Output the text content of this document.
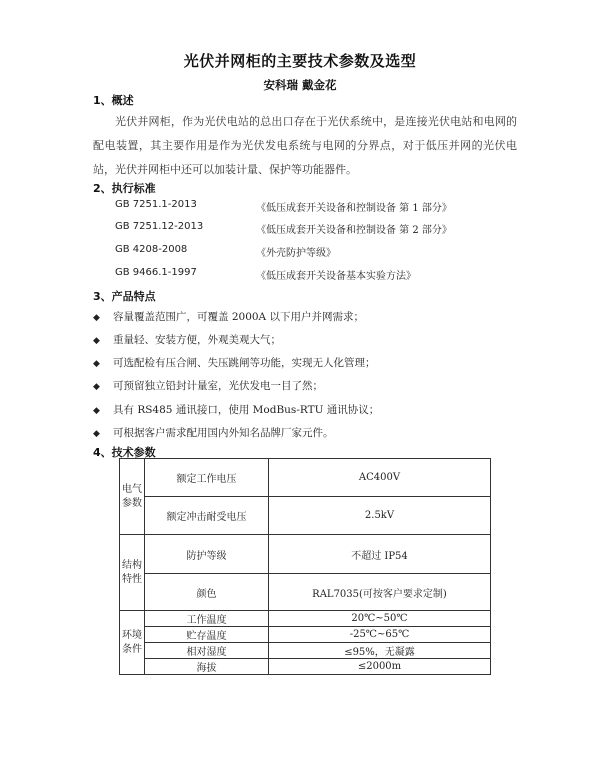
光伏并网柜的主要技术参数及选型
安科瑞 戴金花
1、概述
光伏并网柜，作为光伏电站的总出口存在于光伏系统中，是连接光伏电站和电网的配电装置，其主要作用是作为光伏发电系统与电网的分界点，对于低压并网的光伏电站，光伏并网柜中还可以加装计量、保护等功能器件。
2、执行标准
GB 7251.1-2013	《低压成套开关设备和控制设备 第 1 部分》
GB 7251.12-2013	《低压成套开关设备和控制设备 第 2 部分》
GB 4208-2008	《外壳防护等级》
GB 9466.1-1997	《低压成套开关设备基本实验方法》
3、产品特点
◆ 容量覆盖范围广，可覆盖 2000A 以下用户并网需求；
◆ 重量轻、安装方便，外观美观大气；
◆ 可选配检有压合闸、失压跳闸等功能，实现无人化管理；
◆ 可预留独立铅封计量室，光伏发电一目了然；
◆ 具有 RS485 通讯接口，使用 ModBus-RTU 通讯协议；
◆ 可根据客户需求配用国内外知名品牌厂家元件。
4、技术参数
电气参数	额定工作电压	AC400V
	额定冲击耐受电压	2.5kV
结构特性	防护等级	不超过 IP54
	颜色	RAL7035(可按客户要求定制)
环境条件	工作温度	20℃~50℃
	贮存温度	-25℃~65℃
	相对湿度	≤95%，无凝露
	海拔	≤2000m
